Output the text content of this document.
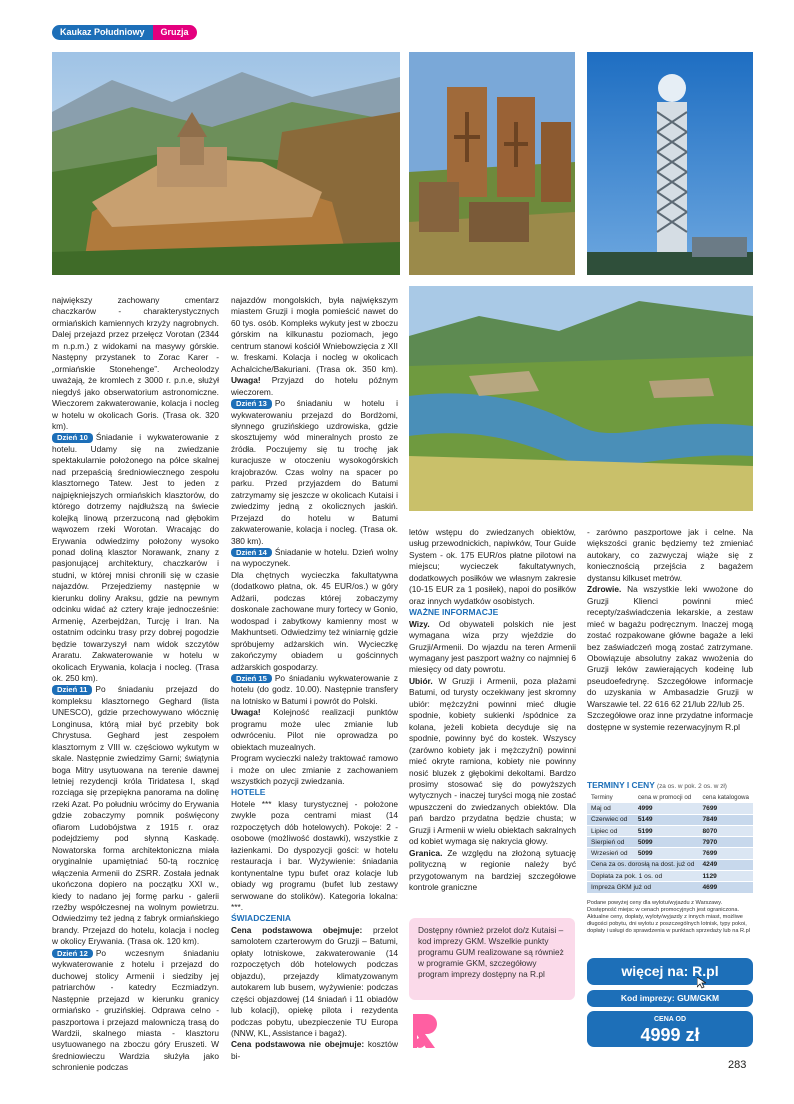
Kaukaz Południowy	Gruzja

największy zachowany cmentarz chaczkarów - charakterystycznych ormiańskich kamiennych krzyży nagrobnych. Dalej przejazd przez przełęcz Vorotan (2344 m n.p.m.) z widokami na masywy górskie. Następny przystanek to Zorac Karer - „ormiańskie Stonehenge”. Archeolodzy uważają, że kromlech z 3000 r. p.n.e, służył niegdyś jako obserwatorium astronomiczne. Wieczorem zakwaterowanie, kolacja i nocleg w hotelu w okolicach Goris. (Trasa ok. 320 km).

Dzień 10 Śniadanie i wykwaterowanie z hotelu. Udamy się na zwiedzanie spektakularnie położonego na półce skalnej nad przepaścią średniowiecznego zespołu klasztornego Tatew. Jest to jeden z najpiękniejszych ormiańskich klasztorów, do którego dotrzemy najdłuższą na świecie kolejką linową przerzuconą nad głębokim wąwozem rzeki Worotan. Wracając do Erywania odwiedzimy położony wysoko ponad doliną klasztor Norawank, znany z pasjonującej architektury, chaczkarów i studni, w której mnisi chronili się w czasie najazdów. Przejedziemy następnie w kierunku doliny Araksu, gdzie na pewnym odcinku widać aż cztery kraje jednocześnie: Armenię, Azerbejdżan, Turcję i Iran. Na ostatnim odcinku trasy przy dobrej pogodzie będzie towarzyszył nam widok szczytów Araratu. Zakwaterowanie w hotelu w okolicach Erywania, kolacja i nocleg. (Trasa ok. 250 km).

Dzień 11 Po śniadaniu przejazd do kompleksu klasztornego Geghard (lista UNESCO), gdzie przechowywano włócznię Longinusa, którą miał być przebity bok Chrystusa. Geghard jest zespołem klasztornym z VIII w. częściowo wykutym w skale. Następnie zwiedzimy Garni; świątynia boga Mitry usytuowana na terenie dawnej letniej rezydencji króla Tiridatesa I, skąd rozciąga się przepiękna panorama na dolinę rzeki Azat. Po południu wrócimy do Erywania gdzie zobaczymy pomnik poświęcony ofiarom Ludobójstwa z 1915 r. oraz podejdziemy pod słynną Kaskadę. Nowatorska forma architektoniczna miała oryginalnie upamiętniać 50-tą rocznicę włączenia Armenii do ZSRR. Została jednak ukończona dopiero na początku XXI w., kiedy to nadano jej formę parku - galerii rzeźby współczesnej na wolnym powietrzu. Odwiedzimy też jedną z fabryk ormiańskiego brandy. Przejazd do hotelu, kolacja i nocleg w okolicy Erywania. (Trasa ok. 120 km).

Dzień 12 Po wczesnym śniadaniu wykwaterowanie z hotelu i przejazd do duchowej stolicy Armenii i siedziby jej patriarchów - katedry Eczmiadzyn. Następnie przejazd w kierunku granicy ormiańsko - gruzińskiej. Odprawa celno - paszportowa i przejazd malowniczą trasą do Wardzii, skalnego miasta - klasztoru usytuowanego na zboczu góry Eruszeti. W średniowieczu Wardzia służyła jako schronienie podczas

najazdów mongolskich, była największym miastem Gruzji i mogła pomieścić nawet do 60 tys. osób. Kompleks wykuty jest w zboczu górskim na kilkunastu poziomach, jego centrum stanowi kościół Wniebowzięcia z XII w. freskami. Kolacja i nocleg w okolicach Achalciche/Bakuriani. (Trasa ok. 350 km). Uwaga! Przyjazd do hotelu późnym wieczorem.

Dzień 13 Po śniadaniu w hotelu i wykwaterowaniu przejazd do Bordżomi, słynnego gruzińskiego uzdrowiska, gdzie skosztujemy wód mineralnych prosto ze źródła. Poczujemy się tu trochę jak kuracjusze w otoczeniu wysokogórskich krajobrazów. Czas wolny na spacer po parku. Przed przyjazdem do Batumi zatrzymamy się jeszcze w okolicach Kutaisi i zwiedzimy jedną z okolicznych jaskiń. Przejazd do hotelu w Batumi zakwaterowanie, kolacja i nocleg. (Trasa ok. 380 km).

Dzień 14 Śniadanie w hotelu. Dzień wolny na wypoczynek.

Dla chętnych wycieczka fakultatywna (dodatkowo płatna, ok. 45 EUR/os.) w góry Adżarii, podczas której zobaczymy doskonale zachowane mury fortecy w Gonio, wodospad i zabytkowy kamienny most w Makhuntseti. Odwiedzimy też winiarnię gdzie spróbujemy adżarskich win. Wycieczkę zakończymy obiadem u gościnnych adżarskich gospodarzy.

Dzień 15 Po śniadaniu wykwaterowanie z hotelu (do godz. 10.00). Następnie transfery na lotnisko w Batumi i powrót do Polski.

Uwaga! Kolejność realizacji punktów programu może ulec zmianie lub odwróceniu. Pilot nie oprowadza po obiektach muzealnych.

Program wycieczki należy traktować ramowo i może on ulec zmianie z zachowaniem wszystkich pozycji zwiedzania.

HOTELE

Hotele *** klasy turystycznej - położone zwykle poza centrami miast (14 rozpoczętych dób hotelowych). Pokoje: 2 - osobowe (możliwość dostawki), wszystkie z łazienkami. Do dyspozycji gości: w hotelu restauracja i bar. Wyżywienie: śniadania kontynentalne typu bufet oraz kolacje lub obiady wg programu (bufet lub zestawy serwowane do stolików). Kategoria lokalna: ***.

ŚWIADCZENIA

Cena podstawowa obejmuje: przelot samolotem czarterowym do Gruzji – Batumi, opłaty lotniskowe, zakwaterowanie (14 rozpoczętych dób hotelowych podczas objazdu), przejazdy klimatyzowanym autokarem lub busem, wyżywienie: podczas części objazdowej (14 śniadań i 11 obiadów lub kolacji), opiekę pilota i rezydenta podczas pobytu, ubezpieczenie TU Europa (NNW, KL, Assistance i bagaż).

Cena podstawowa nie obejmuje: kosztów bi-

letów wstępu do zwiedzanych obiektów, usług przewodnickich, napiwków, Tour Guide System - ok. 175 EUR/os płatne pilotowi na miejscu; wycieczek fakultatywnych, dodatkowych posiłków we własnym zakresie (10-15 EUR za 1 posiłek), napoi do posiłków oraz innych wydatków osobistych.

WAŻNE INFORMACJE

Wizy. Od obywateli polskich nie jest wymagana wiza przy wjeździe do Gruzji/Armenii. Do wjazdu na teren Armenii wymagany jest paszport ważny co najmniej 6 miesięcy od daty powrotu.

Ubiór. W Gruzji i Armenii, poza plażami Batumi, od turysty oczekiwany jest skromny ubiór: mężczyźni powinni mieć długie spodnie, kobiety sukienki /spódnice za kolana, jeżeli kobieta decyduje się na spodnie, powinny być do kostek. Wszyscy (zarówno kobiety jak i mężczyźni) powinni mieć okryte ramiona, kobiety nie powinny nosić bluzek z głębokimi dekoltami. Bardzo prosimy stosować się do powyższych wytycznych - inaczej turyści mogą nie zostać wpuszczeni do zwiedzanych obiektów. Dla pań bardzo przydatna będzie chusta; w Gruzji i Armenii w wielu obiektach sakralnych od kobiet wymaga się nakrycia głowy.

Granica. Ze względu na złożoną sytuację polityczną w regionie należy być przygotowanym na bardziej szczegółowe kontrole graniczne

- zarówno paszportowe jak i celne. Na większości granic będziemy też zmieniać autokary, co zazwyczaj wiąże się z koniecznością przejścia z bagażem dystansu kilkuset metrów.

Zdrowie. Na wszystkie leki wwożone do Gruzji Klienci powinni mieć recepty/zaświadczenia lekarskie, a zestaw mieć w bagażu podręcznym. Inaczej mogą zostać rozpakowane główne bagaże a leki bez zaświadczeń mogą zostać zatrzymane. Obowiązuje absolutny zakaz wwożenia do Gruzji leków zawierających kodeinę lub pseudoefedrynę. Szczegółowe informacje do uzyskania w Ambasadzie Gruzji w Warszawie tel. 22 616 62 21/lub 22/lub 25.

Szczegółowe oraz inne przydatne informacje dostępne w systemie rezerwacyjnym R.pl

TERMINY I CENY (za os. w pok. 2 os. w zł)
Terminy	cena w promocji od	cena katalogowa
Maj od	4999	7699
Czerwiec od	5149	7849
Lipiec od	5199	8070
Sierpień od	5099	7970
Wrzesień od	5099	7699
Cena za os. dorosłą na dost. już od		4249
Dopłata za pok. 1 os. od		1129
Impreza GKM już od		4699
Podane powyżej ceny dla wylotu/wyjazdu z Warszawy. Dostępność miejsc w cenach promocyjnych jest ograniczona. Aktualne ceny, dopłaty, wyloty/wyjazdy z innych miast, możliwe długości pobytu, dni wylotu z poszczególnych lotnisk, typy pokoi, dopłaty i usługi do sprawdzenia w punktach sprzedaży lub na R.pl
Dostępny również przelot do/z Kutaisi – kod imprezy GKM. Wszelkie punkty programu GUM realizowane są również w programie GKM, szczegółowy program imprezy dostępny na R.pl	więcej na: R.pl
Kod imprezy: GUM/GKM
CENA OD
4999 zł
283
